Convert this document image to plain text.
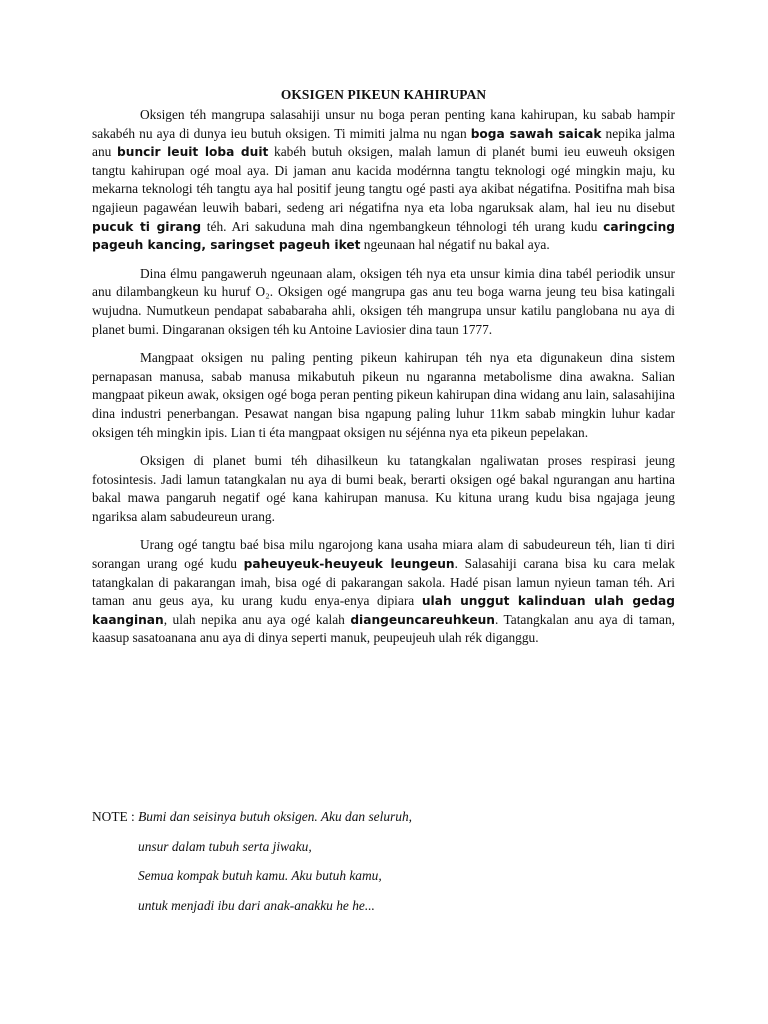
OKSIGEN PIKEUN KAHIRUPAN

Oksigen téh mangrupa salasahiji unsur nu boga peran penting kana kahirupan, ku sabab hampir sakabéh nu aya di dunya ieu butuh oksigen. Ti mimiti jalma nu ngan boga sawah saicak nepika jalma anu buncir leuit loba duit kabéh butuh oksigen, malah lamun di planét bumi ieu euweuh oksigen tangtu kahirupan ogé moal aya. Di jaman anu kacida modérnna tangtu teknologi ogé mingkin maju, ku mekarna teknologi téh tangtu aya hal positif jeung tangtu ogé pasti aya akibat négatifna. Positifna mah bisa ngajieun pagawéan leuwih babari, sedeng ari négatifna nya eta loba ngaruksak alam, hal ieu nu disebut pucuk ti girang téh. Ari sakuduna mah dina ngembangkeun téhnologi téh urang kudu caringcing pageuh kancing, saringset pageuh iket ngeunaan hal négatif nu bakal aya.

Dina élmu pangaweruh ngeunaan alam, oksigen téh nya eta unsur kimia dina tabél periodik unsur anu dilambangkeun ku huruf O₂. Oksigen ogé mangrupa gas anu teu boga warna jeung teu bisa katingali wujudna. Numutkeun pendapat sababaraha ahli, oksigen téh mangrupa unsur katilu panglobana nu aya di planet bumi. Dingaranan oksigen téh ku Antoine Laviosier dina taun 1777.

Mangpaat oksigen nu paling penting pikeun kahirupan téh nya eta digunakeun dina sistem pernapasan manusa, sabab manusa mikabutuh pikeun nu ngaranna metabolisme dina awakna. Salian mangpaat pikeun awak, oksigen ogé boga peran penting pikeun kahirupan dina widang anu lain, salasahijina dina industri penerbangan. Pesawat nangan bisa ngapung paling luhur 11km sabab mingkin luhur kadar oksigen téh mingkin ipis. Lian ti éta mangpaat oksigen nu séjénna nya eta pikeun pepelakan.

Oksigen di planet bumi téh dihasilkeun ku tatangkalan ngaliwatan proses respirasi jeung fotosintesis. Jadi lamun tatangkalan nu aya di bumi beak, berarti oksigen ogé bakal ngurangan anu hartina bakal mawa pangaruh negatif ogé kana kahirupan manusa. Ku kituna urang kudu bisa ngajaga jeung ngariksa alam sabudeureun urang.

Urang ogé tangtu baé bisa milu ngarojong kana usaha miara alam di sabudeureun téh, lian ti diri sorangan urang ogé kudu paheuyeuk-heuyeuk leungeun. Salasahiji carana bisa ku cara melak tatangkalan di pakarangan imah, bisa ogé di pakarangan sakola. Hadé pisan lamun nyieun taman téh. Ari taman anu geus aya, ku urang kudu enya-enya dipiara ulah unggut kalinduan ulah gedag kaanginan, ulah nepika anu aya ogé kalah diangeuncareuhkeun. Tatangkalan anu aya di taman, kaasup sasatoanana anu aya di dinya seperti manuk, peupeujeuh ulah rék diganggu.

NOTE : Bumi dan seisinya butuh oksigen. Aku dan seluruh,
unsur dalam tubuh serta jiwaku,
Semua kompak butuh kamu. Aku butuh kamu,
untuk menjadi ibu dari anak-anakku he he...
